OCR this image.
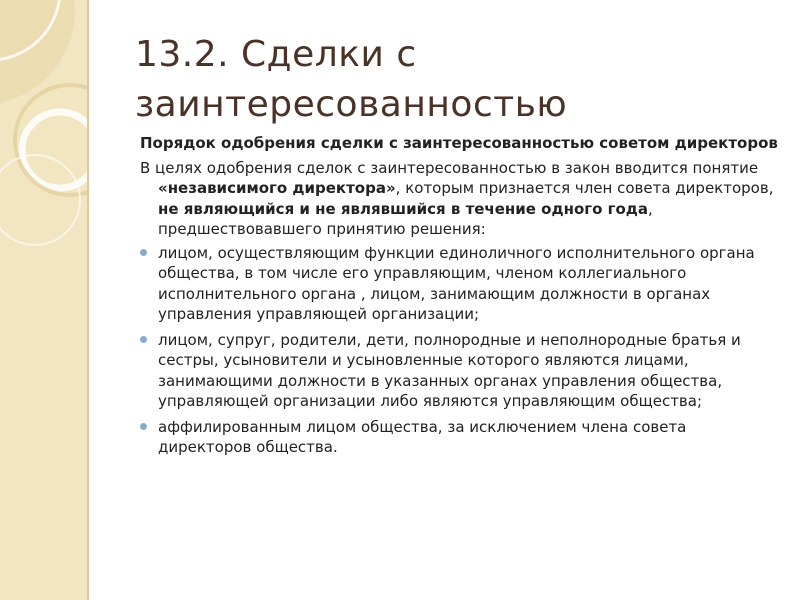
13.2. Сделки с
заинтересованностью
Порядок одобрения сделки с заинтересованностью советом директоров
В целях одобрения сделок с заинтересованностью в закон вводится понятие «независимого директора», которым признается член совета директоров, не являющийся и не являвшийся в течение одного года, предшествовавшего принятию решения:
лицом, осуществляющим функции единоличного исполнительного органа общества, в том числе его управляющим, членом коллегиального исполнительного органа , лицом, занимающим должности в органах управления управляющей организации;
лицом, супруг, родители, дети, полнородные и неполнородные братья и сестры, усыновители и усыновленные которого являются лицами, занимающими должности в указанных органах управления общества, управляющей организации либо являются управляющим общества;
аффилированным лицом общества, за исключением члена совета директоров общества.
